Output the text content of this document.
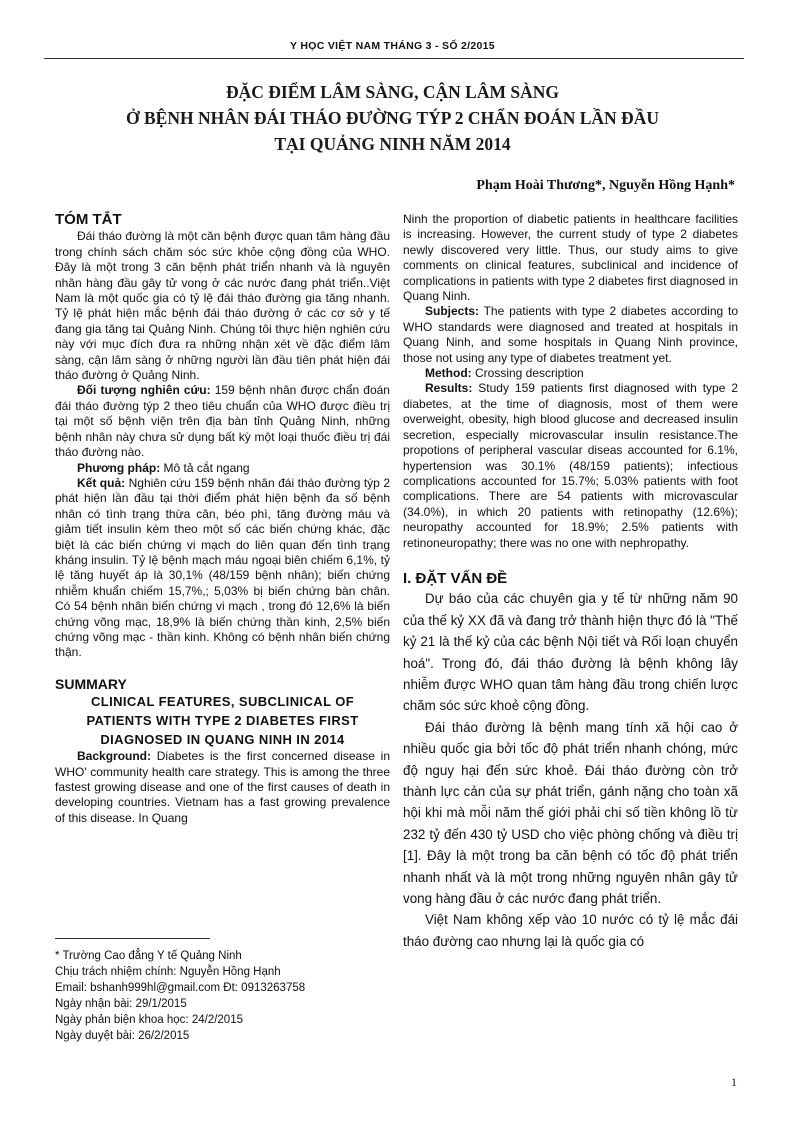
Y HỌC VIỆT NAM THÁNG 3 - SỐ 2/2015
ĐẶC ĐIỂM LÂM SÀNG, CẬN LÂM SÀNG
Ở BỆNH NHÂN ĐÁI THÁO ĐƯỜNG TÝP 2 CHẨN ĐOÁN LẦN ĐẦU
TẠI QUẢNG NINH NĂM 2014
Phạm Hoài Thương*, Nguyễn Hồng Hạnh*
TÓM TẮT

Đái tháo đường là một căn bệnh được quan tâm hàng đầu trong chính sách chăm sóc sức khỏe cộng đồng của WHO. Đây là một trong 3 căn bệnh phát triển nhanh và là nguyên nhân hàng đầu gây tử vong ở các nước đang phát triển..Việt Nam là một quốc gia có tỷ lệ đái tháo đường gia tăng nhanh. Tỷ lệ phát hiện mắc bệnh đái tháo đường ở các cơ sở y tế đang gia tăng tại Quảng Ninh. Chúng tôi thực hiện nghiên cứu này với mục đích đưa ra những nhận xét về đặc điểm lâm sàng, cận lâm sàng ở những người lần đầu tiên phát hiện đái tháo đường ở Quảng Ninh.

Đối tượng nghiên cứu: 159 bệnh nhân được chẩn đoán đái tháo đường týp 2 theo tiêu chuẩn của WHO được điều trị tại một số bệnh viện trên địa bàn tỉnh Quảng Ninh, những bệnh nhân này chưa sử dụng bất kỳ một loại thuốc điều trị đái tháo đường nào.

Phương pháp: Mô tả cắt ngang

Kết quả: Nghiên cứu 159 bệnh nhân đái tháo đường týp 2 phát hiện lần đầu tại thời điểm phát hiện bệnh đa số bệnh nhân có tình trạng thừa cân, béo phì, tăng đường máu và giảm tiết insulin kèm theo một số các biến chứng khác, đặc biệt là các biến chứng vi mạch do liên quan đến tình trạng kháng insulin. Tỷ lệ bệnh mạch máu ngoại biên chiếm 6,1%, tỷ lệ tăng huyết áp là 30,1% (48/159 bệnh nhân); biến chứng nhiễm khuẩn chiếm 15,7%,; 5,03% bị biến chứng bàn chân. Có 54 bệnh nhân biến chứng vi mạch , trong đó 12,6% là biến chứng võng mạc, 18,9% là biến chứng thần kinh, 2,5% biến chứng võng mạc - thần kinh. Không có bệnh nhân biến chứng thận.

SUMMARY
CLINICAL FEATURES, SUBCLINICAL OF
PATIENTS WITH TYPE 2 DIABETES FIRST
DIAGNOSED IN QUANG NINH IN 2014

Background: Diabetes is the first concerned disease in WHO' community health care strategy. This is among the three fastest growing disease and one of the first causes of death in developing countries. Vietnam has a fast growing prevalence of this disease. In Quang

* Trường Cao đẳng Y tế Quảng Ninh
Chịu trách nhiệm chính: Nguyễn Hồng Hạnh
Email: bshanh999hl@gmail.com Đt: 0913263758
Ngày nhận bài: 29/1/2015
Ngày phản biện khoa học: 24/2/2015
Ngày duyệt bài: 26/2/2015

Ninh the proportion of diabetic patients in healthcare facilities is increasing. However, the current study of type 2 diabetes newly discovered very little. Thus, our study aims to give comments on clinical features, subclinical and incidence of complications in patients with type 2 diabetes first diagnosed in Quang Ninh.

Subjects: The patients with type 2 diabetes according to WHO standards were diagnosed and treated at hospitals in Quang Ninh, and some hospitals in Quang Ninh province, those not using any type of diabetes treatment yet.

Method: Crossing description

Results: Study 159 patients first diagnosed with type 2 diabetes, at the time of diagnosis, most of them were overweight, obesity, high blood glucose and decreased insulin secretion, especially microvascular insulin resistance.The propotions of peripheral vascular diseas accounted for 6.1%, hypertension was 30.1% (48/159 patients); infectious complications accounted for 15.7%; 5.03% patients with foot complications. There are 54 patients with microvascular (34.0%), in which 20 patients with retinopathy (12.6%); neuropathy accounted for 18.9%; 2.5% patients with retinoneuropathy; there was no one with nephropathy.

I. ĐẶT VẤN ĐỀ

Dự báo của các chuyên gia y tế từ những năm 90 của thế kỷ XX đã và đang trở thành hiện thực đó là "Thế kỷ 21 là thế kỷ của các bệnh Nội tiết và Rối loạn chuyển hoá". Trong đó, đái tháo đường là bệnh không lây nhiễm được WHO quan tâm hàng đầu trong chiến lược chăm sóc sức khoẻ cộng đồng.

Đái tháo đường là bệnh mang tính xã hội cao ở nhiều quốc gia bởi tốc độ phát triển nhanh chóng, mức độ nguy hại đến sức khoẻ. Đái tháo đường còn trở thành lực cản của sự phát triển, gánh nặng cho toàn xã hội khi mà mỗi năm thế giới phải chi số tiền không lồ từ 232 tỷ đến 430 tỷ USD cho việc phòng chống và điều trị [1]. Đây là một trong ba căn bệnh có tốc độ phát triển nhanh nhất và là một trong những nguyên nhân gây tử vong hàng đầu ở các nước đang phát triển.

Việt Nam không xếp vào 10 nước có tỷ lệ mắc đái tháo đường cao nhưng lại là quốc gia có

1
